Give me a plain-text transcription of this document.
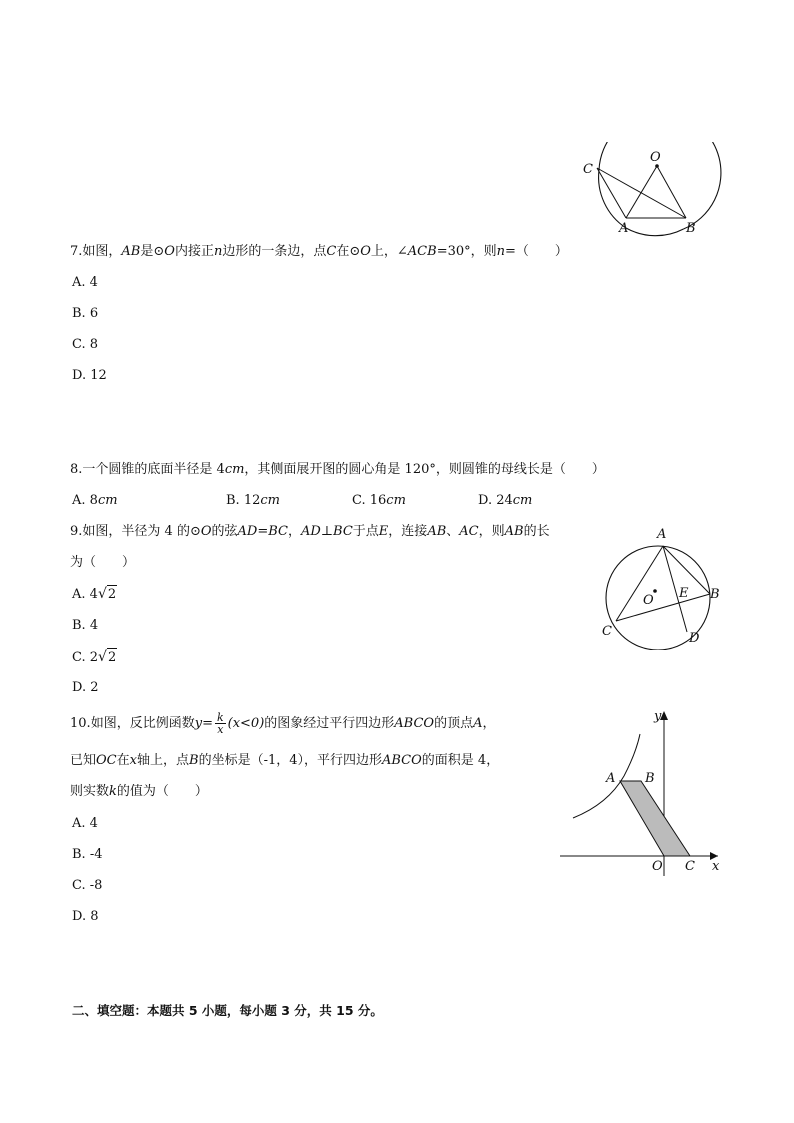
C
O
A	B
7.如图，AB是⊙O内接正n边形的一条边，点C在⊙O上，∠ACB=30°，则n=（　　）
A. 4
B. 6
C. 8
D. 12
8.一个圆锥的底面半径是 4cm，其侧面展开图的圆心角是 120°，则圆锥的母线长是（　　）
A. 8cm	B. 12cm	C. 16cm	D. 24cm
A
O E B
C	D
9.如图，半径为 4 的⊙O的弦AD=BC，AD⊥BC于点E，连接AB、AC，则AB的长
为（　　）
A. 4√2
B. 4
C. 2√2
D. 2
y
A B
O C x
10.如图，反比例函数$y= \frac{k}{x} (x<0)$的图象经过平行四边形ABCO的顶点A，
已知OC在x轴上，点B的坐标是（-1，4），平行四边形ABCO的面积是 4，
则实数k的值为（　　）
A. 4
B. -4
C. -8
D. 8
二、填空题：本题共 5 小题，每小题 3 分，共 15 分。
